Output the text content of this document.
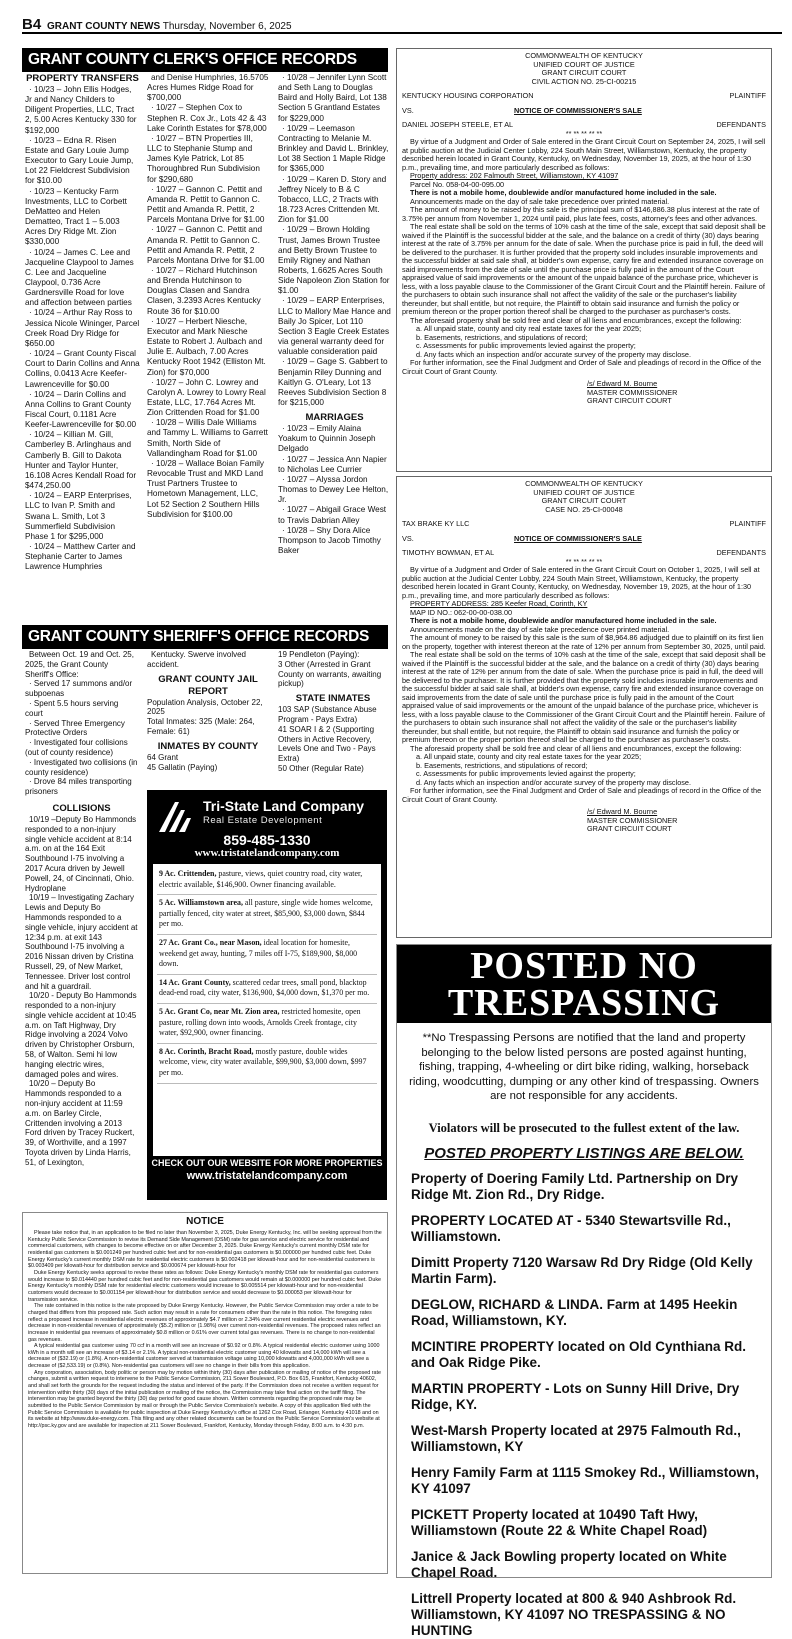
B4 GRANT COUNTY NEWS Thursday, November 6, 2025
GRANT COUNTY CLERK'S OFFICE RECORDS
PROPERTY TRANSFERS

· 10/23 – John Ellis Hodges, Jr and Nancy Childers to Diligent Properties, LLC, Tract 2, 5.00 Acres Kentucky 330 for $192,000

· 10/23 – Edna R. Risen Estate and Gary Louie Jump Executor to Gary Louie Jump, Lot 22 Fieldcrest Subdivision for $10.00

· 10/23 – Kentucky Farm Investments, LLC to Corbett DeMatteo and Helen Dematteo, Tract 1 – 5.003 Acres Dry Ridge Mt. Zion $330,000

· 10/24 – James C. Lee and Jacqueline Claypool to James C. Lee and Jacqueline Claypool, 0.736 Acre Gardnersville Road for love and affection between parties

· 10/24 – Arthur Ray Ross to Jessica Nicole Wininger, Parcel Creek Road Dry Ridge for $650.00

· 10/24 – Grant County Fiscal Court to Darin Collins and Anna Collins, 0.0413 Acre Keefer-Lawrenceville for $0.00

· 10/24 – Darin Collins and Anna Collins to Grant County Fiscal Court, 0.1181 Acre Keefer-Lawrenceville for $0.00

· 10/24 – Killian M. Gill, Camberley B. Arlinghaus and Camberly B. Gill to Dakota Hunter and Taylor Hunter, 16.108 Acres Kendall Road for $474,250.00

· 10/24 – EARP Enterprises, LLC to Ivan P. Smith and Swana L. Smith, Lot 3 Summerfield Subdivision Phase 1 for $295,000

· 10/24 – Matthew Carter and Stephanie Carter to James Lawrence Humphries

and Denise Humphries, 16.5705 Acres Humes Ridge Road for $700,000

· 10/27 – Stephen Cox to Stephen R. Cox Jr., Lots 42 & 43 Lake Corinth Estates for $78,000

· 10/27 – BTN Properties III, LLC to Stephanie Stump and James Kyle Patrick, Lot 85 Thoroughbred Run Subdivision for $290,680

· 10/27 – Gannon C. Pettit and Amanda R. Pettit to Gannon C. Pettit and Amanda R. Pettit, 2 Parcels Montana Drive for $1.00

· 10/27 – Gannon C. Pettit and Amanda R. Pettit to Gannon C. Pettit and Amanda R. Pettit, 2 Parcels Montana Drive for $1.00

· 10/27 – Richard Hutchinson and Brenda Hutchinson to Douglas Clasen and Sandra Clasen, 3.2393 Acres Kentucky Route 36 for $10.00

· 10/27 – Herbert Niesche, Executor and Mark Niesche Estate to Robert J. Aulbach and Julie E. Aulbach, 7.00 Acres Kentucky Root 1942 (Elliston Mt. Zion) for $70,000

· 10/27 – John C. Lowrey and Carolyn A. Lowrey to Lowry Real Estate, LLC, 17.764 Acres Mt. Zion Crittenden Road for $1.00

· 10/28 – Willis Dale Williams and Tammy L. Williams to Garrett Smith, North Side of Vallandingham Road for $1.00

· 10/28 – Wallace Boian Family Revocable Trust and MKD Land Trust Partners Trustee to Hometown Management, LLC, Lot 52 Section 2 Southern Hills Subdivision for $100.00

· 10/28 – Jennifer Lynn Scott and Seth Lang to Douglas Baird and Holly Baird, Lot 138 Section 5 Grantland Estates for $229,000

· 10/29 – Leemason Contracting to Melanie M. Brinkley and David L. Brinkley, Lot 38 Section 1 Maple Ridge for $365,000

· 10/29 – Karen D. Story and Jeffrey Nicely to B & C Tobacco, LLC, 2 Tracts with 18.723 Acres Crittenden Mt. Zion for $1.00

· 10/29 – Brown Holding Trust, James Brown Trustee and Betty Brown Trustee to Emily Rigney and Nathan Roberts, 1.6625 Acres South Side Napoleon Zion Station for $1.00

· 10/29 – EARP Enterprises, LLC to Mallory Mae Hance and Baily Jo Spicer, Lot 110 Section 3 Eagle Creek Estates via general warranty deed for valuable consideration paid

· 10/29 – Gage S. Gabbert to Benjamin Riley Dunning and Kaitlyn G. O'Leary, Lot 13 Reeves Subdivision Section 8 for $215,000

MARRIAGES

· 10/23 – Emily Alaina Yoakum to Quinnin Joseph Delgado

· 10/27 – Jessica Ann Napier to Nicholas Lee Currier

· 10/27 – Alyssa Jordon Thomas to Dewey Lee Helton, Jr.

· 10/27 – Abigail Grace West to Travis Dabrian Alley

· 10/28 – Shy Dora Alice Thompson to Jacob Timothy Baker

GRANT COUNTY SHERIFF'S OFFICE RECORDS

Between Oct. 19 and Oct. 25, 2025, the Grant County Sheriff's Office:

· Served 17 summons and/or subpoenas

· Spent 5.5 hours serving court

· Served Three Emergency Protective Orders

· Investigated four collisions (out of county residence)

· Investigated two collisions (in county residence)

· Drove 84 miles transporting prisoners

COLLISIONS

10/19 –Deputy Bo Hammonds responded to a non-injury single vehicle accident at 8:14 a.m. on at the 164 Exit Southbound I-75 involving a 2017 Acura driven by Jewell Powell, 24, of Cincinnati, Ohio. Hydroplane

10/19 – Investigating Zachary Lewis and Deputy Bo Hammonds responded to a single vehicle, injury accident at 12:34 p.m. at exit 143 Southbound I-75 involving a 2016 Nissan driven by Cristina Russell, 29, of New Market, Tennessee. Driver lost control and hit a guardrail.

10/20 - Deputy Bo Hammonds responded to a non-injury single vehicle accident at 10:45 a.m. on Taft Highway, Dry Ridge involving a 2024 Volvo driven by Christopher Orsburn, 58, of Walton. Semi hi low hanging electric wires, damaged poles and wires.

10/20 – Deputy Bo Hammonds responded to a non-injury accident at 11:59 a.m. on Barley Circle, Crittenden involving a 2013 Ford driven by Tracey Ruckert, 39, of Worthville, and a 1997 Toyota driven by Linda Harris, 51, of Lexington,

Kentucky. Swerve involved accident.

GRANT COUNTY JAIL REPORT

Population Analysis, October 22, 2025

Total Inmates: 325 (Male: 264, Female: 61)

INMATES BY COUNTY

64 Grant

45 Gallatin (Paying)

19 Pendleton (Paying):

3 Other (Arrested in Grant County on warrants, awaiting pickup)

STATE INMATES

103 SAP (Substance Abuse Program - Pays Extra)

41 SOAR I & 2 (Supporting Others in Active Recovery, Levels One and Two - Pays Extra)

50 Other (Regular Rate)

Tri-State Land Company
Real Estate Development
859-485-1330
www.tristatelandcompany.com
9 Ac. Crittenden, pasture, views, quiet country road, city water, electric available, $146,900. Owner financing available.
5 Ac. Williamstown area, all pasture, single wide homes welcome, partially fenced, city water at street, $85,900, $3,000 down, $844 per mo.
27 Ac. Grant Co., near Mason, ideal location for homesite, weekend get away, hunting, 7 miles off I-75, $189,900, $8,000 down.
14 Ac. Grant County, scattered cedar trees, small pond, blacktop dead-end road, city water, $136,900, $4,000 down, $1,370 per mo.
5 Ac. Grant Co, near Mt. Zion area, restricted homesite, open pasture, rolling down into woods, Arnolds Creek frontage, city water, $92,900, owner financing.
8 Ac. Corinth, Bracht Road, mostly pasture, double wides welcome, view, city water available, $99,900, $3,000 down, $997 per mo.
CHECK OUT OUR WEBSITE FOR MORE PROPERTIES
www.tristatelandcompany.com
NOTICE

Please take notice that, in an application to be filed no later than November 3, 2025, Duke Energy Kentucky, Inc. will be seeking approval from the Kentucky Public Service Commission to revise its Demand Side Management (DSM) rate for gas service and electric service for residential and commercial customers, with changes to become effective on or after December 3, 2025. Duke Energy Kentucky's current monthly DSM rate for residential gas customers is $0.001249 per hundred cubic feet and for non-residential gas customers is $0.000000 per hundred cubic feet. Duke Energy Kentucky's current monthly DSM rate for residential electric customers is $0.002418 per kilowatt-hour and for non-residential customers is $0.003409 per kilowatt-hour for distribution service and $0.000674 per kilowatt-hour for

Duke Energy Kentucky seeks approval to revise these rates as follows: Duke Energy Kentucky's monthly DSM rate for residential gas customers would increase to $0.014440 per hundred cubic feet and for non-residential gas customers would remain at $0.000000 per hundred cubic feet. Duke Energy Kentucky's monthly DSM rate for residential electric customers would increase to $0.005514 per kilowatt-hour and for non-residential customers would decrease to $0.001154 per kilowatt-hour for distribution service and would decrease to $0.000053 per kilowatt-hour for transmission service.

The rate contained in this notice is the rate proposed by Duke Energy Kentucky. However, the Public Service Commission may order a rate to be charged that differs from this proposed rate. Such action may result in a rate for consumers other than the rate in this notice. The foregoing rates reflect a proposed increase in residential electric revenues of approximately $4.7 million or 2.34% over current residential electric revenues and decrease in non-residential revenues of approximately ($5.2) million or (1.98%) over current non-residential revenues. The proposed rates reflect an increase in residential gas revenues of approximately $0.8 million or 0.61% over current total gas revenues. There is no change to non-residential gas revenues.

A typical residential gas customer using 70 ccf in a month will see an increase of $0.92 or 0.8%. A typical residential electric customer using 1000 kWh in a month will see an increase of $3.14 or 2.1%. A typical non-residential electric customer using 40 kilowatts and 14,000 kWh will see a decrease of ($32.19) or (1.8%). A non-residential customer served at transmission voltage using 10,000 kilowatts and 4,000,000 kWh will see a decrease of ($2,533.19) or (0.8%). Non-residential gas customers will see no change in their bills from this application.

Any corporation, association, body politic or person may by motion within thirty (30) days after publication or mailing of notice of the proposed rate changes, submit a written request to intervene to the Public Service Commission, 211 Sower Boulevard, P.O. Box 615, Frankfort, Kentucky 40602, and shall set forth the grounds for the request including the status and interest of the party. If the Commission does not receive a written request for intervention within thirty (30) days of the initial publication or mailing of the notice, the Commission may take final action on the tariff filing. The intervention may be granted beyond the thirty (30) day period for good cause shown. Written comments regarding the proposed rate may be submitted to the Public Service Commission by mail or through the Public Service Commission's website. A copy of this application filed with the Public Service Commission is available for public inspection at Duke Energy Kentucky's office at 1262 Cox Road, Erlanger, Kentucky 41018 and on its website at http://www.duke-energy.com. This filing and any other related documents can be found on the Public Service Commission's website at http://psc.ky.gov and are available for inspection at 211 Sower Boulevard, Frankfort, Kentucky, Monday through Friday, 8:00 a.m. to 4:30 p.m.

COMMONWEALTH OF KENTUCKY
UNIFIED COURT OF JUSTICE
GRANT CIRCUIT COURT
CIVIL ACTION NO. 25-CI-00215
KENTUCKY HOUSING CORPORATION	PLAINTIFF
VS.	NOTICE OF COMMISSIONER'S SALE
DANIEL JOSEPH STEELE, ET AL	DEFENDANTS
** ** ** ** **

By virtue of a Judgment and Order of Sale entered in the Grant Circuit Court on September 24, 2025, I will sell at public auction at the Judicial Center Lobby, 224 South Main Street, Williamstown, Kentucky, the property described herein located in Grant County, Kentucky, on Wednesday, November 19, 2025, at the hour of 1:30 p.m., prevailing time, and more particularly described as follows:

Property address: 202 Falmouth Street, Williamstown, KY 41097

Parcel No. 058-04-00-095.00

There is not a mobile home, doublewide and/or manufactured home included in the sale.

Announcements made on the day of sale take precedence over printed material.

The amount of money to be raised by this sale is the principal sum of $146,886.38 plus interest at the rate of 3.75% per annum from November 1, 2024 until paid, plus late fees, costs, attorney's fees and other advances.

The real estate shall be sold on the terms of 10% cash at the time of the sale, except that said deposit shall be waived if the Plaintiff is the successful bidder at the sale, and the balance on a credit of thirty (30) days bearing interest at the rate of 3.75% per annum for the date of sale. When the purchase price is paid in full, the deed will be delivered to the purchaser. It is further provided that the property sold includes insurable improvements and the successful bidder at said sale shall, at bidder's own expense, carry fire and extended insurance coverage on said improvements from the date of sale until the purchase price is fully paid in the amount of the Court appraised value of said improvements or the amount of the unpaid balance of the purchase price, whichever is less, with a loss payable clause to the Commissioner of the Grant Circuit Court and the Plaintiff herein. Failure of the purchasers to obtain such insurance shall not affect the validity of the sale or the purchaser's liability thereunder, but shall entitle, but not require, the Plaintiff to obtain said insurance and furnish the policy or premium thereon or the proper portion thereof shall be charged to the purchaser as purchaser's costs.

The aforesaid property shall be sold free and clear of all liens and encumbrances, except the following:

a. All unpaid state, county and city real estate taxes for the year 2025;
b. Easements, restrictions, and stipulations of record;
c. Assessments for public improvements levied against the property;
d. Any facts which an inspection and/or accurate survey of the property may disclose.

For further information, see the Final Judgment and Order of Sale and pleadings of record in the Office of the Circuit Court of Grant County.

/s/ Edward M. Bourne
MASTER COMMISSIONER
GRANT CIRCUIT COURT
COMMONWEALTH OF KENTUCKY
UNIFIED COURT OF JUSTICE
GRANT CIRCUIT COURT
CASE NO. 25-CI-00048
TAX BRAKE KY LLC	PLAINTIFF
VS.	NOTICE OF COMMISSIONER'S SALE
TIMOTHY BOWMAN, ET AL	DEFENDANTS
** ** ** ** **

By virtue of a Judgment and Order of Sale entered in the Grant Circuit Court on October 1, 2025, I will sell at public auction at the Judicial Center Lobby, 224 South Main Street, Williamstown, Kentucky, the property described herein located in Grant County, Kentucky, on Wednesday, November 19, 2025, at the hour of 1:30 p.m., prevailing time, and more particularly described as follows:

PROPERTY ADDRESS: 285 Keefer Road, Corinth, KY

MAP ID NO.: 062-00-00-038.00

There is not a mobile home, doublewide and/or manufactured home included in the sale.

Announcements made on the day of sale take precedence over printed material.

The amount of money to be raised by this sale is the sum of $8,964.86 adjudged due to plaintiff on its first lien on the property, together with interest thereon at the rate of 12% per annum from September 30, 2025, until paid.

The real estate shall be sold on the terms of 10% cash at the time of the sale, except that said deposit shall be waived if the Plaintiff is the successful bidder at the sale, and the balance on a credit of thirty (30) days bearing interest at the rate of 12% per annum from the date of sale. When the purchase price is paid in full, the deed will be delivered to the purchaser. It is further provided that the property sold includes insurable improvements and the successful bidder at said sale shall, at bidder's own expense, carry fire and extended insurance coverage on said improvements from the date of sale until the purchase price is fully paid in the amount of the Court appraised value of said improvements or the amount of the unpaid balance of the purchase price, whichever is less, with a loss payable clause to the Commissioner of the Grant Circuit Court and the Plaintiff herein. Failure of the purchasers to obtain such insurance shall not affect the validity of the sale or the purchaser's liability thereunder, but shall entitle, but not require, the Plaintiff to obtain said insurance and furnish the policy or premium thereon or the proper portion thereof shall be charged to the purchaser as purchaser's costs.

The aforesaid property shall be sold free and clear of all liens and encumbrances, except the following:

a. All unpaid state, county and city real estate taxes for the year 2025;
b. Easements, restrictions, and stipulations of record;
c. Assessments for public improvements levied against the property;
d. Any facts which an inspection and/or accurate survey of the property may disclose.

For further information, see the Final Judgment and Order of Sale and pleadings of record in the Office of the Circuit Court of Grant County.

/s/ Edward M. Bourne
MASTER COMMISSIONER
GRANT CIRCUIT COURT
POSTED NO
TRESPASSING
**No Trespassing Persons are notified that the land and property belonging to the below listed persons are posted against hunting, fishing, trapping, 4-wheeling or dirt bike riding, walking, horseback riding, woodcutting, dumping or any other kind of trespassing. Owners are not responsible for any accidents.
Violators will be prosecuted to the fullest extent of the law.
POSTED PROPERTY LISTINGS ARE BELOW.
Property of Doering Family Ltd. Partnership on Dry Ridge Mt. Zion Rd., Dry Ridge.
PROPERTY LOCATED AT - 5340 Stewartsville Rd., Williamstown.
Dimitt Property 7120 Warsaw Rd Dry Ridge (Old Kelly Martin Farm).
DEGLOW, RICHARD & LINDA. Farm at 1495 Heekin Road, Williamstown, KY.
MCINTIRE PROPERTY located on Old Cynthiana Rd. and Oak Ridge Pike.
MARTIN PROPERTY - Lots on Sunny Hill Drive, Dry Ridge, KY.
West-Marsh Property located at 2975 Falmouth Rd., Williamstown, KY
Henry Family Farm at 1115 Smokey Rd., Williamstown, KY 41097
PICKETT Property located at 10490 Taft Hwy, Williamstown (Route 22 & White Chapel Road)
Janice & Jack Bowling property located on White Chapel Road.
Littrell Property located at 800 & 940 Ashbrook Rd. Williamstown, KY 41097 NO TRESPASSING & NO HUNTING
